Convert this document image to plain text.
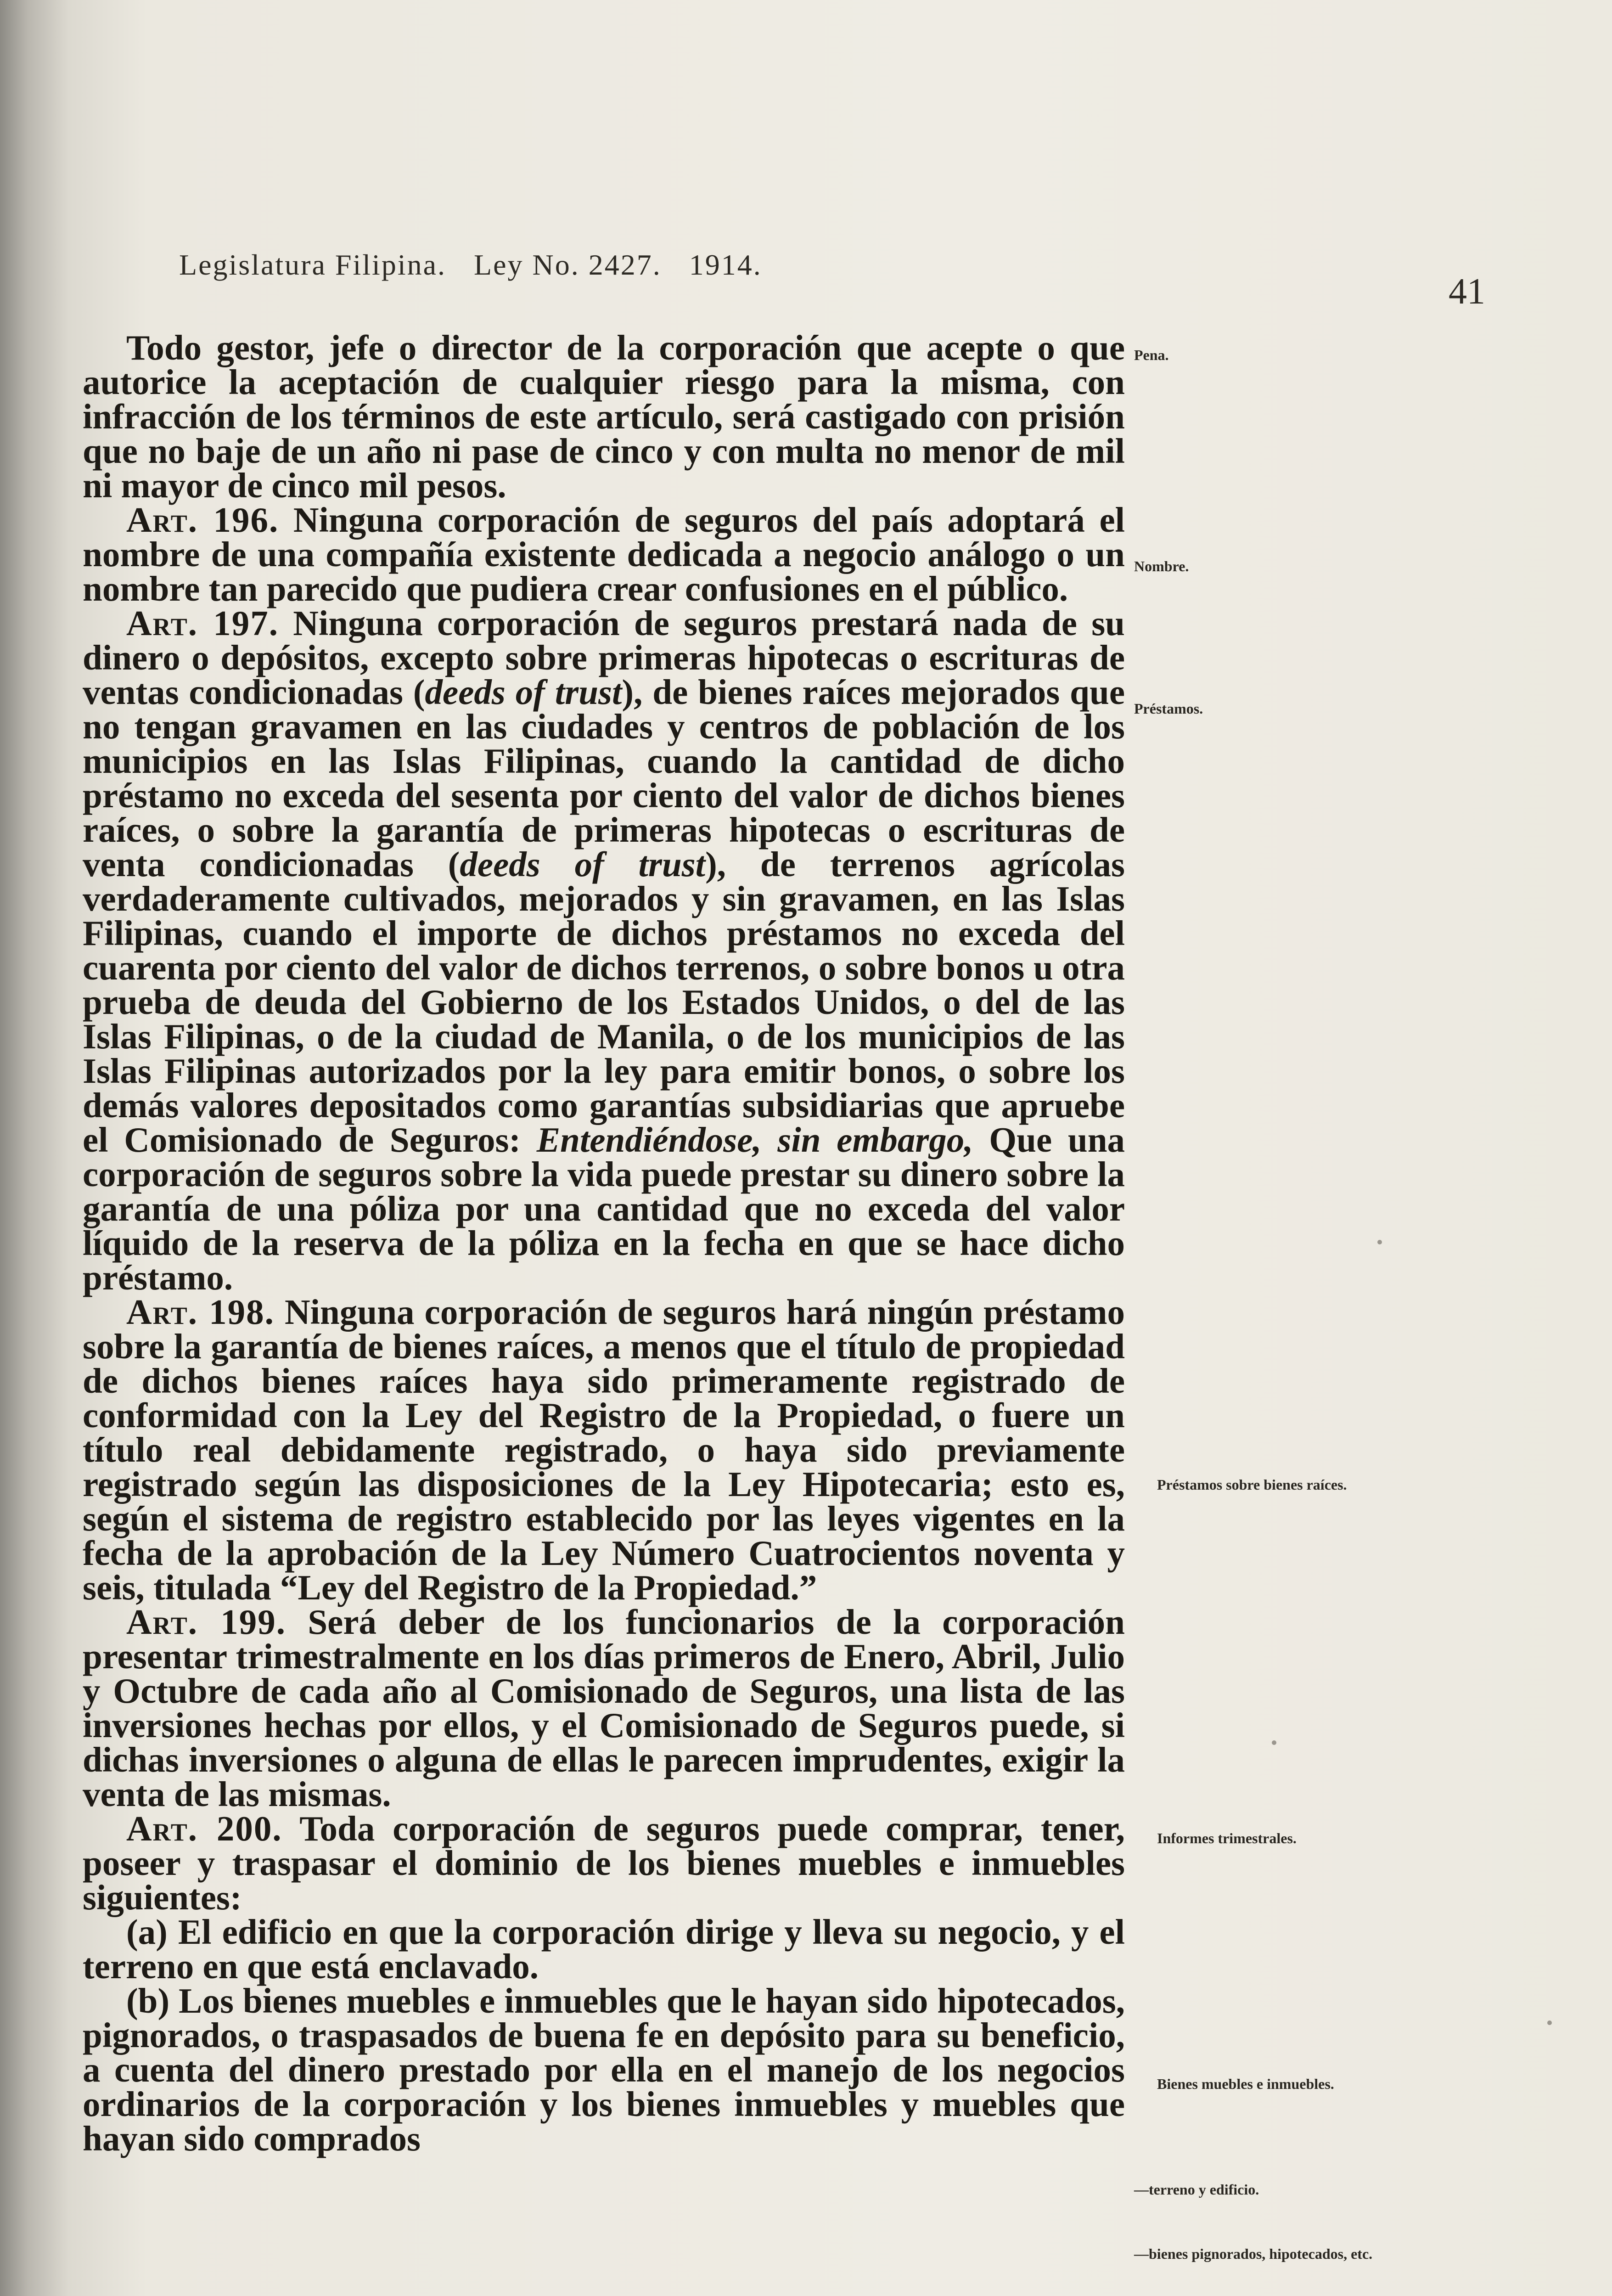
Legislatura Filipina. Ley No. 2427. 1914.
41

Todo gestor, jefe o director de la corporación que acepte o que autorice la aceptación de cualquier riesgo para la misma, con infracción de los términos de este artículo, será castigado con prisión que no baje de un año ni pase de cinco y con multa no menor de mil ni mayor de cinco mil pesos.

Art. 196. Ninguna corporación de seguros del país adoptará el nombre de una compañía existente dedicada a negocio análogo o un nombre tan parecido que pudiera crear confusiones en el público.

Art. 197. Ninguna corporación de seguros prestará nada de su dinero o depósitos, excepto sobre primeras hipotecas o escrituras de ventas condicionadas (deeds of trust), de bienes raíces mejorados que no tengan gravamen en las ciudades y centros de población de los municipios en las Islas Filipinas, cuando la cantidad de dicho préstamo no exceda del sesenta por ciento del valor de dichos bienes raíces, o sobre la garantía de primeras hipotecas o escrituras de venta condicionadas (deeds of trust), de terrenos agrícolas verdaderamente cultivados, mejorados y sin gravamen, en las Islas Filipinas, cuando el importe de dichos préstamos no exceda del cuarenta por ciento del valor de dichos terrenos, o sobre bonos u otra prueba de deuda del Gobierno de los Estados Unidos, o del de las Islas Filipinas, o de la ciudad de Manila, o de los municipios de las Islas Filipinas autorizados por la ley para emitir bonos, o sobre los demás valores depositados como garantías subsidiarias que apruebe el Comisionado de Seguros: Entendiéndose, sin embargo, Que una corporación de seguros sobre la vida puede prestar su dinero sobre la garantía de una póliza por una cantidad que no exceda del valor líquido de la reserva de la póliza en la fecha en que se hace dicho préstamo.

Art. 198. Ninguna corporación de seguros hará ningún préstamo sobre la garantía de bienes raíces, a menos que el título de propiedad de dichos bienes raíces haya sido primeramente registrado de conformidad con la Ley del Registro de la Propiedad, o fuere un título real debidamente registrado, o haya sido previamente registrado según las disposiciones de la Ley Hipotecaria; esto es, según el sistema de registro establecido por las leyes vigentes en la fecha de la aprobación de la Ley Número Cuatrocientos noventa y seis, titulada “Ley del Registro de la Propiedad.”

Art. 199. Será deber de los funcionarios de la corporación presentar trimestralmente en los días primeros de Enero, Abril, Julio y Octubre de cada año al Comisionado de Seguros, una lista de las inversiones hechas por ellos, y el Comisionado de Seguros puede, si dichas inversiones o alguna de ellas le parecen imprudentes, exigir la venta de las mismas.

Art. 200. Toda corporación de seguros puede comprar, tener, poseer y traspasar el dominio de los bienes muebles e inmuebles siguientes:

(a) El edificio en que la corporación dirige y lleva su negocio, y el terreno en que está enclavado.

(b) Los bienes muebles e inmuebles que le hayan sido hipotecados, pignorados, o traspasados de buena fe en depósito para su beneficio, a cuenta del dinero prestado por ella en el manejo de los negocios ordinarios de la corporación y los bienes inmuebles y muebles que hayan sido comprados

Pena.
Nombre.
Préstamos.
Préstamos sobre bienes raíces.
Informes trimestrales.
Bienes muebles e inmuebles.
—terreno y edificio.
—bienes pignorados, hipotecados, etc.
